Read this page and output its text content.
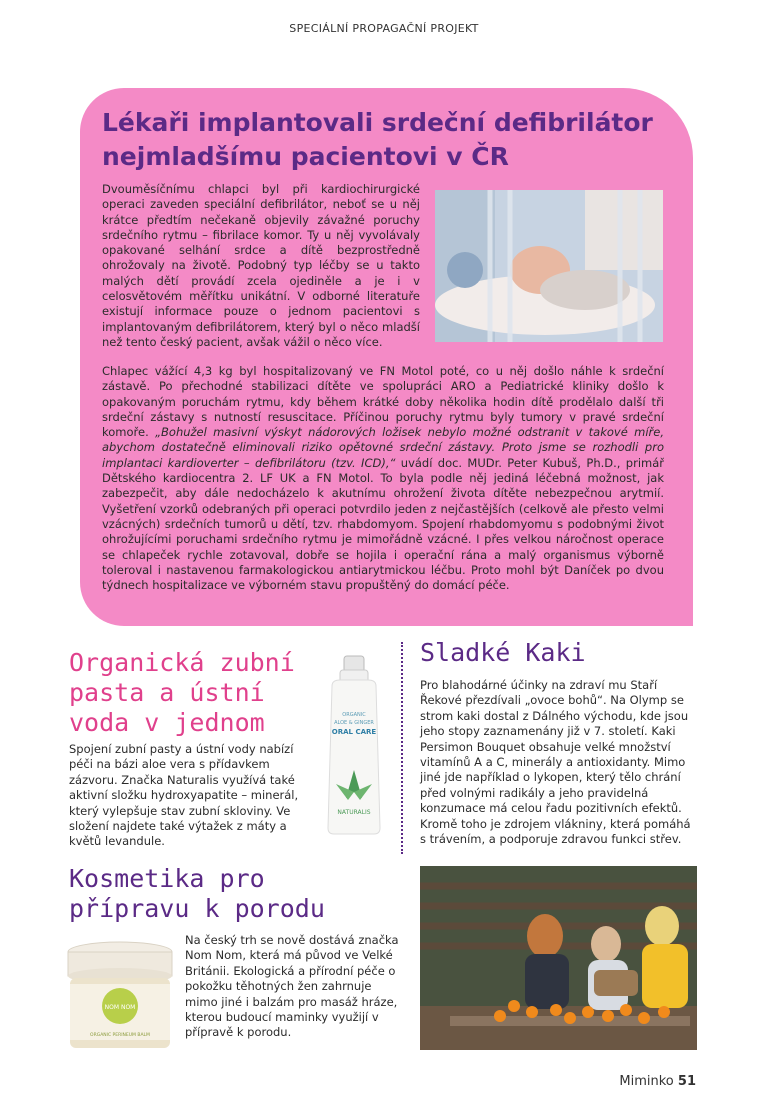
SPECIÁLNÍ PROPAGAČNÍ PROJEKT
Lékaři implantovali srdeční defibrilátor
nejmladšímu pacientovi v ČR
Dvouměsíčnímu chlapci byl při kardiochirurgické operaci zaveden speciální defibrilátor, neboť se u něj krátce předtím nečekaně objevily závažné poruchy srdečního rytmu – fibrilace komor. Ty u něj vyvolávaly opakované selhání srdce a dítě bezprostředně ohrožovaly na životě. Podobný typ léčby se u takto malých dětí provádí zcela ojediněle a je i v celosvětovém měřítku unikátní. V odborné literatuře existují informace pouze o jednom pacientovi s implantovaným defibrilátorem, který byl o něco mladší než tento český pacient, avšak vážil o něco více.
Chlapec vážící 4,3 kg byl hospitalizovaný ve FN Motol poté, co u něj došlo náhle k srdeční zástavě. Po přechodné stabilizaci dítěte ve spolupráci ARO a Pediatrické kliniky došlo k opakovaným poruchám rytmu, kdy během krátké doby několika hodin dítě prodělalo další tři srdeční zástavy s nutností resuscitace. Příčinou poruchy rytmu byly tumory v pravé srdeční komoře. „Bohužel masivní výskyt nádorových ložisek nebylo možné odstranit v takové míře, abychom dostatečně eliminovali riziko opětovné srdeční zástavy. Proto jsme se rozhodli pro implantaci kardioverter – defibrilátoru (tzv. ICD),“ uvádí doc. MUDr. Peter Kubuš, Ph.D., primář Dětského kardiocentra 2. LF UK a FN Motol. To byla podle něj jediná léčebná možnost, jak zabezpečit, aby dále nedocházelo k akutnímu ohrožení života dítěte nebezpečnou arytmií. Vyšetření vzorků odebraných při operaci potvrdilo jeden z nejčastějších (celkově ale přesto velmi vzácných) srdečních tumorů u dětí, tzv. rhabdomyom. Spojení rhabdomyomu s podobnými život ohrožujícími poruchami srdečního rytmu je mimořádně vzácné. I přes velkou náročnost operace se chlapeček rychle zotavoval, dobře se hojila i operační rána a malý organismus výborně toleroval i nastavenou farmakologickou antiarytmickou léčbu. Proto mohl být Daníček po dvou týdnech hospitalizace ve výborném stavu propuštěný do domácí péče.
Organická zubní
pasta a ústní
voda v jednom
Spojení zubní pasty a ústní vody nabízí péči na bázi aloe vera s přídavkem zázvoru. Značka Naturalis využívá také aktivní složku hydroxyapatite – minerál, který vylepšuje stav zubní skloviny. Ve složení najdete také výtažek z máty a květů levandule.
ORGANIC
ALOE & GINGER
ORAL CARE
NATURALIS
Sladké Kaki
Pro blahodárné účinky na zdraví mu Staří Řekové přezdívali „ovoce bohů“. Na Olymp se strom kaki dostal z Dálného východu, kde jsou jeho stopy zaznamenány již v 7. století. Kaki Persimon Bouquet obsahuje velké množství vitamínů A a C, minerály a antioxidanty. Mimo jiné jde například o lykopen, který tělo chrání před volnými radikály a jeho pravidelná konzumace má celou řadu pozitivních efektů. Kromě toho je zdrojem vlákniny, která pomáhá s trávením, a podporuje zdravou funkci střev.
Kosmetika pro
přípravu k porodu
Na český trh se nově dostává značka Nom Nom, která má původ ve Velké Británii. Ekologická a přírodní péče o pokožku těhotných žen zahrnuje mimo jiné i balzám pro masáž hráze, kterou budoucí maminky využijí v přípravě k porodu.
NOM NOM
ORGANIC PERINEUM BALM
Miminko 51
